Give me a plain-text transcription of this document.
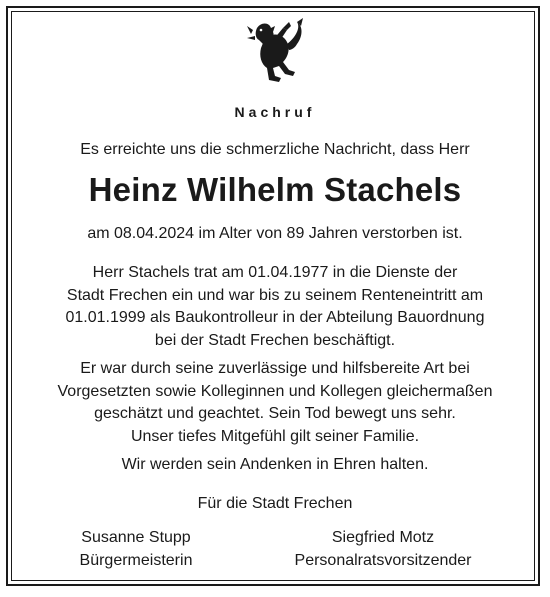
Nachruf
Es erreichte uns die schmerzliche Nachricht, dass Herr
Heinz Wilhelm Stachels
am 08.04.2024 im Alter von 89 Jahren verstorben ist.
Herr Stachels trat am 01.04.1977 in die Dienste der
Stadt Frechen ein und war bis zu seinem Renteneintritt am
01.01.1999 als Baukontrolleur in der Abteilung Bauordnung
bei der Stadt Frechen beschäftigt.
Er war durch seine zuverlässige und hilfsbereite Art bei
Vorgesetzten sowie Kolleginnen und Kollegen gleichermaßen
geschätzt und geachtet. Sein Tod bewegt uns sehr.
Unser tiefes Mitgefühl gilt seiner Familie.
Wir werden sein Andenken in Ehren halten.
Für die Stadt Frechen
Susanne Stupp
Bürgermeisterin
Siegfried Motz
Personalratsvorsitzender
